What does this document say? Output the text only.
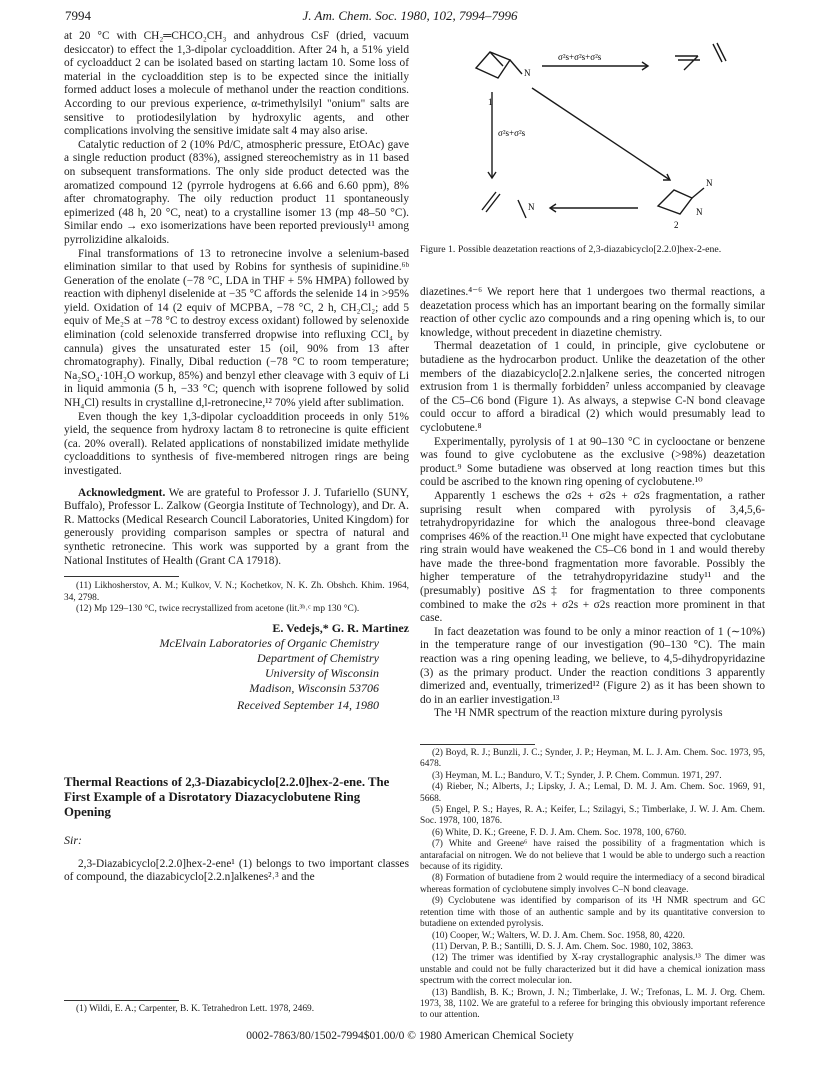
7994	J. Am. Chem. Soc. 1980, 102, 7994–7996

at 20 °C with CH₂═CHCO₂CH₃ and anhydrous CsF (dried, vacuum desiccator) to effect the 1,3-dipolar cycloaddition. After 24 h, a 51% yield of cycloadduct 2 can be isolated based on starting lactam 10. Some loss of material in the cycloaddition step is to be expected since the initially formed adduct loses a molecule of methanol under the reaction conditions. According to our previous experience, α-trimethylsilyl "onium" salts are sensitive to protiodesilylation by hydroxylic agents, and other complications involving the sensitive imidate salt 4 may also arise.

Catalytic reduction of 2 (10% Pd/C, atmospheric pressure, EtOAc) gave a single reduction product (83%), assigned stereochemistry as in 11 based on subsequent transformations. The only side product detected was the aromatized compound 12 (pyrrole hydrogens at 6.66 and 6.60 ppm), 8% after chromatography. The oily reduction product 11 spontaneously epimerized (48 h, 20 °C, neat) to a crystalline isomer 13 (mp 48–50 °C). Similar endo → exo isomerizations have been reported previously¹¹ among pyrrolizidine alkaloids.

Final transformations of 13 to retronecine involve a selenium-based elimination similar to that used by Robins for synthesis of supinidine.⁶ᵇ Generation of the enolate (−78 °C, LDA in THF + 5% HMPA) followed by reaction with diphenyl diselenide at −35 °C affords the selenide 14 in >95% yield. Oxidation of 14 (2 equiv of MCPBA, −78 °C, 2 h, CH₂Cl₂; add 5 equiv of Me₂S at −78 °C to destroy excess oxidant) followed by selenoxide elimination (cold selenoxide transferred dropwise into refluxing CCl₄ by cannula) gives the unsaturated ester 15 (oil, 90% from 13 after chromatography). Finally, Dibal reduction (−78 °C to room temperature; Na₂SO₄·10H₂O workup, 85%) and benzyl ether cleavage with 3 equiv of Li in liquid ammonia (5 h, −33 °C; quench with isoprene followed by solid NH₄Cl) results in crystalline d,l-retronecine,¹² 70% yield after sublimation.

Even though the key 1,3-dipolar cycloaddition proceeds in only 51% yield, the sequence from hydroxy lactam 8 to retronecine is quite efficient (ca. 20% overall). Related applications of nonstabilized imidate methylide cycloadditions to synthesis of five-membered nitrogen rings are being investigated.

Acknowledgment. We are grateful to Professor J. J. Tufariello (SUNY, Buffalo), Professor L. Zalkow (Georgia Institute of Technology), and Dr. A. R. Mattocks (Medical Research Council Laboratories, United Kingdom) for generously providing comparison samples or spectra of natural and synthetic retronecine. This work was supported by a grant from the National Institutes of Health (Grant CA 17918).

(11) Likhosherstov, A. M.; Kulkov, V. N.; Kochetkov, N. K. Zh. Obshch. Khim. 1964, 34, 2798.

(12) Mp 129–130 °C, twice recrystallized from acetone (lit.³ᵇ˒ᶜ mp 130 °C).

E. Vedejs,* G. R. Martinez
McElvain Laboratories of Organic Chemistry
Department of Chemistry
University of Wisconsin
Madison, Wisconsin 53706
Received September 14, 1980
Thermal Reactions of 2,3-Diazabicyclo[2.2.0]hex-2-ene. The First Example of a Disrotatory Diazacyclobutene Ring Opening
Sir:

2,3-Diazabicyclo[2.2.0]hex-2-ene¹ (1) belongs to two important classes of compound, the diazabicyclo[2.2.n]alkenes²˒³ and the

(1) Wildi, E. A.; Carpenter, B. K. Tetrahedron Lett. 1978, 2469.

N
σ²s+σ²s+σ²s
1
σ²s+σ²s
N
N
N
2
Figure 1. Possible deazetation reactions of 2,3-diazabicyclo[2.2.0]hex-2-ene.

diazetines.⁴⁻⁶ We report here that 1 undergoes two thermal reactions, a deazetation process which has an important bearing on the formally similar reaction of other cyclic azo compounds and a ring opening which is, to our knowledge, without precedent in diazetine chemistry.

Thermal deazetation of 1 could, in principle, give cyclobutene or butadiene as the hydrocarbon product. Unlike the deazetation of the other members of the diazabicyclo[2.2.n]alkene series, the concerted nitrogen extrusion from 1 is thermally forbidden⁷ unless accompanied by cleavage of the C5–C6 bond (Figure 1). As always, a stepwise C-N bond cleavage could occur to afford a biradical (2) which would presumably lead to cyclobutene.⁸

Experimentally, pyrolysis of 1 at 90–130 °C in cyclooctane or benzene was found to give cyclobutene as the exclusive (>98%) deazetation product.⁹ Some butadiene was observed at long reaction times but this could be ascribed to the known ring opening of cyclobutene.¹⁰

Apparently 1 eschews the σ2s + σ2s + σ2s fragmentation, a rather suprising result when compared with pyrolysis of 3,4,5,6-tetrahydropyridazine for which the analogous three-bond cleavage comprises 46% of the reaction.¹¹ One might have expected that cyclobutane ring strain would have weakened the C5–C6 bond in 1 and would thereby have made the three-bond fragmentation more favorable. Possibly the higher temperature of the tetrahydropyridazine study¹¹ and the (presumably) positive ΔS‡ for fragmentation to three components combined to make the σ2s + σ2s + σ2s reaction more prominent in that case.

In fact deazetation was found to be only a minor reaction of 1 (∼10%) in the temperature range of our investigation (90–130 °C). The main reaction was a ring opening leading, we believe, to 4,5-dihydropyridazine (3) as the primary product. Under the reaction conditions 3 apparently dimerized and, eventually, trimerized¹² (Figure 2) as it has been shown to do in an earlier investigation.¹³

The ¹H NMR spectrum of the reaction mixture during pyrolysis

(2) Boyd, R. J.; Bunzli, J. C.; Synder, J. P.; Heyman, M. L. J. Am. Chem. Soc. 1973, 95, 6478.

(3) Heyman, M. L.; Banduro, V. T.; Synder, J. P. Chem. Commun. 1971, 297.

(4) Rieber, N.; Alberts, J.; Lipsky, J. A.; Lemal, D. M. J. Am. Chem. Soc. 1969, 91, 5668.

(5) Engel, P. S.; Hayes, R. A.; Keifer, L.; Szilagyi, S.; Timberlake, J. W. J. Am. Chem. Soc. 1978, 100, 1876.

(6) White, D. K.; Greene, F. D. J. Am. Chem. Soc. 1978, 100, 6760.

(7) White and Greene⁶ have raised the possibility of a fragmentation which is antarafacial on nitrogen. We do not believe that 1 would be able to undergo such a reaction because of its rigidity.

(8) Formation of butadiene from 2 would require the intermediacy of a second biradical whereas formation of cyclobutene simply involves C–N bond cleavage.

(9) Cyclobutene was identified by comparison of its ¹H NMR spectrum and GC retention time with those of an authentic sample and by its quantitative conversion to butadiene on extended pyrolysis.

(10) Cooper, W.; Walters, W. D. J. Am. Chem. Soc. 1958, 80, 4220.

(11) Dervan, P. B.; Santilli, D. S. J. Am. Chem. Soc. 1980, 102, 3863.

(12) The trimer was identified by X-ray crystallographic analysis.¹³ The dimer was unstable and could not be fully characterized but it did have a chemical ionization mass spectrum with the correct molecular ion.

(13) Bandlish, B. K.; Brown, J. N.; Timberlake, J. W.; Trefonas, L. M. J. Org. Chem. 1973, 38, 1102. We are grateful to a referee for bringing this obviously important reference to our attention.

0002-7863/80/1502-7994$01.00/0 © 1980 American Chemical Society
